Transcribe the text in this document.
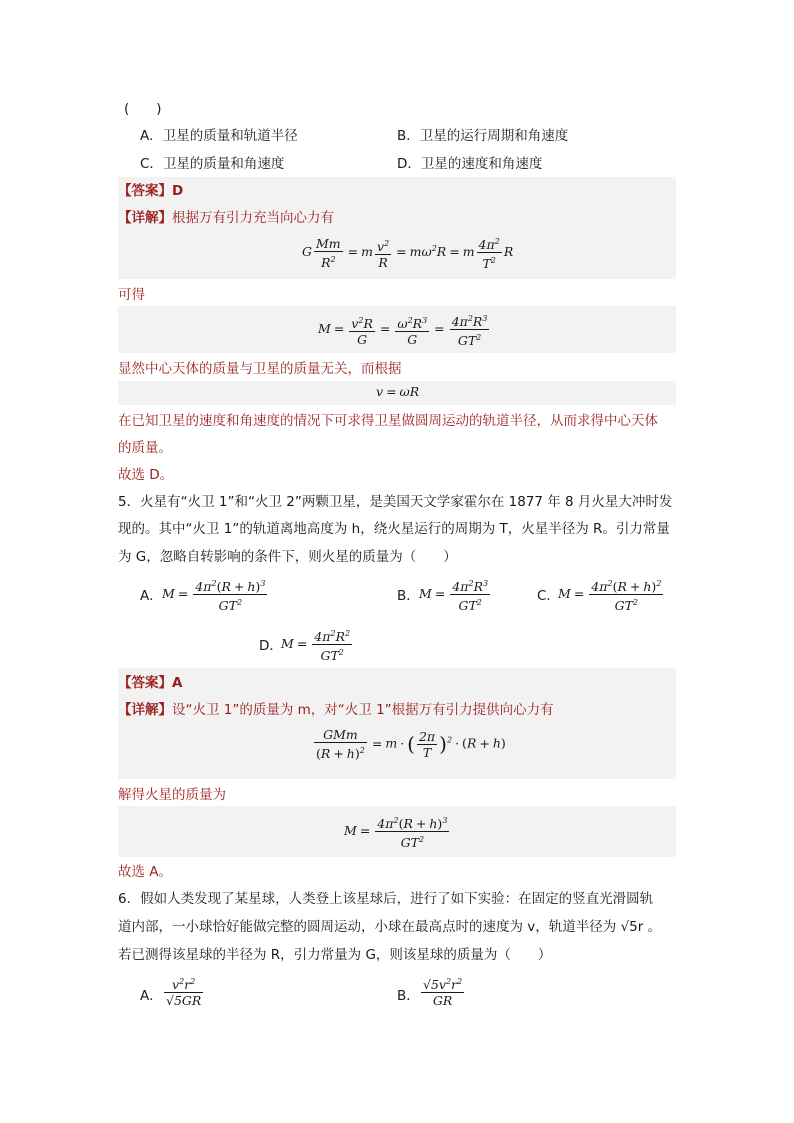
(　　)
A．卫星的质量和轨道半径	B．卫星的运行周期和角速度
C．卫星的质量和角速度	D．卫星的速度和角速度
【答案】D
【详解】根据万有引力充当向心力有
G $\frac{Mm}{R^2} = m \frac{v^2}{R} = m\omega^2R = m \frac{4\pi^2}{T^2}$ R
可得
$M = \frac{v^2R}{G} = \frac{\omega^2R^3}{G} = \frac{4\pi^2R^3}{GT^2}$
显然中心天体的质量与卫星的质量无关，而根据
v = ωR
在已知卫星的速度和角速度的情况下可求得卫星做圆周运动的轨道半径，从而求得中心天体
的质量。
故选 D。
5．火星有“火卫 1”和“火卫 2”两颗卫星，是美国天文学家霍尔在 1877 年 8 月火星大冲时发
现的。其中“火卫 1”的轨道离地高度为 h，绕火星运行的周期为 T，火星半径为 R。引力常量
为 G，忽略自转影响的条件下，则火星的质量为（　　）
A． $M = \frac{4\pi^2(R + h)^3}{GT^2}$	B． $M = \frac{4\pi^2R^3}{GT^2}$	C．
$M = \frac{4\pi^2(R + h)^2}{GT^2}$
D．
$M = \frac{4\pi^2R^2}{GT^2}$
【答案】A
【详解】设“火卫 1”的质量为 m，对“火卫 1”根据万有引力提供向心力有
$\frac{\text{GMm}}{(R + h)^2} = m$ · ( $\frac{2\pi}{T} )^2 \cdot (R + h)$
解得火星的质量为
$M = \frac{4\pi^2(R + h)^3}{GT^2}$
故选 A。
6．假如人类发现了某星球，人类登上该星球后，进行了如下实验：在固定的竖直光滑圆轨
道内部，一小球恰好能做完整的圆周运动，小球在最高点时的速度为 v，轨道半径为 √5r 。
若已测得该星球的半径为 R，引力常量为 G，则该星球的质量为（　　）
A． $\frac{v^2r^2}{√5GR}$	B． $\frac{√5v^2r^2}{GR}$
